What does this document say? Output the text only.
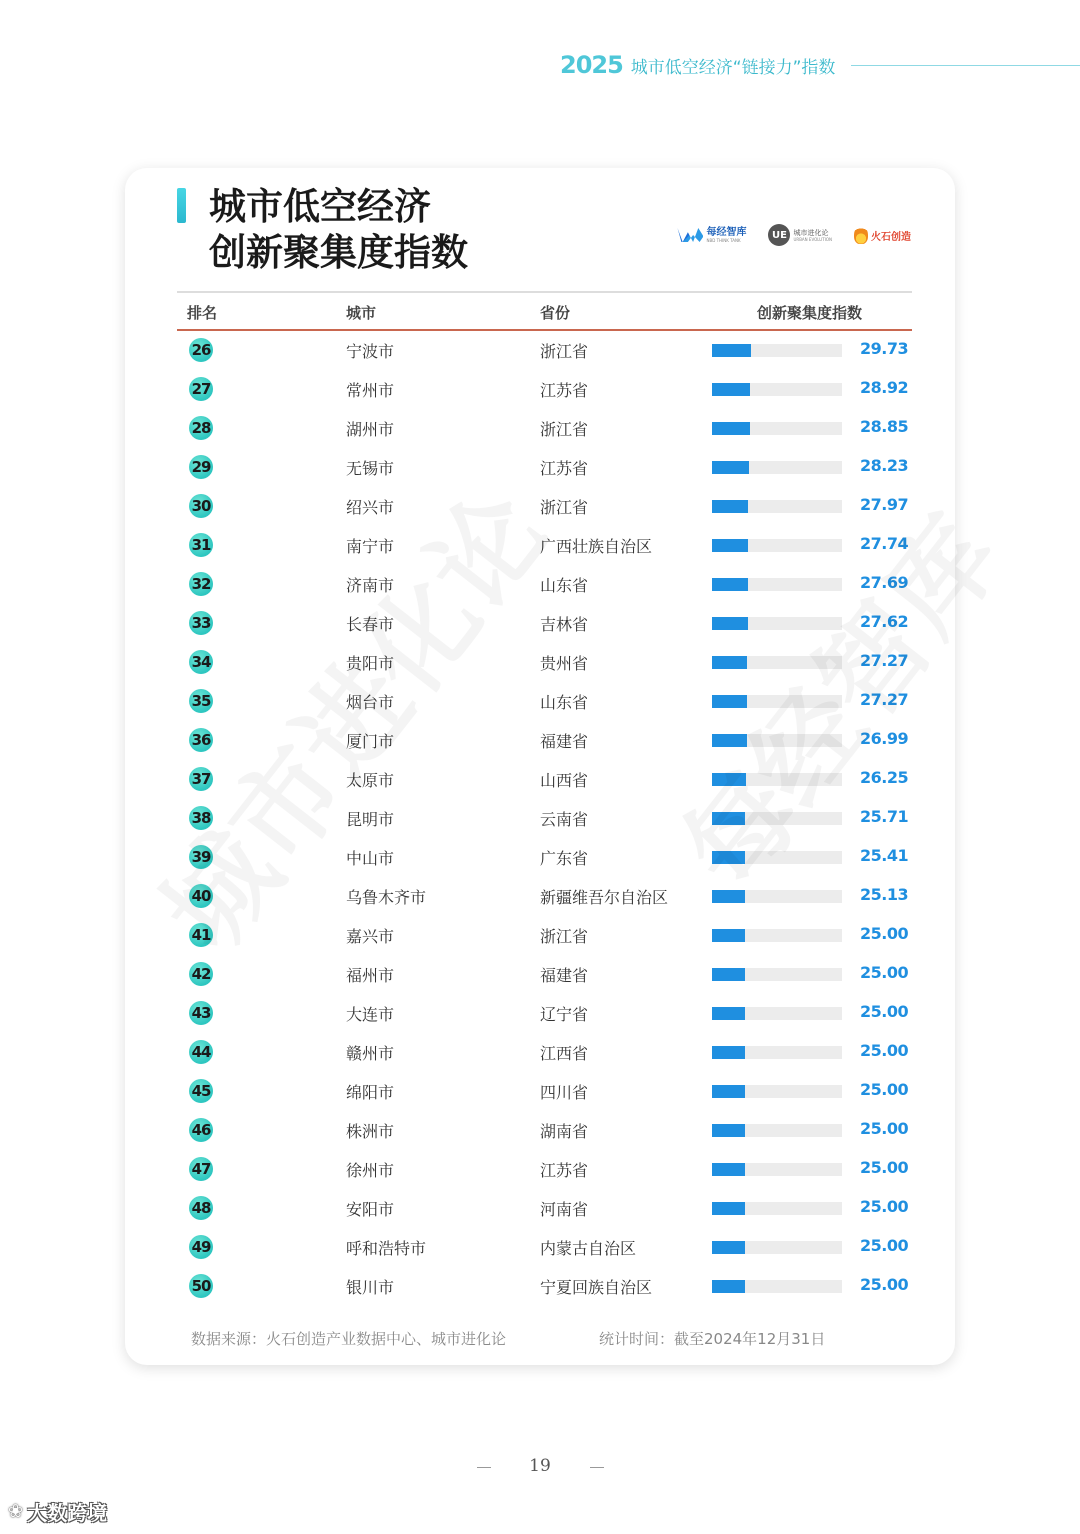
2025 城市低空经济“链接力”指数
城市低空经济
创新聚集度指数	每经智库
NBD THINK TANK	UE 城市进化论
URBAN EVOLUTION	火石创造
排名	城市	省份	创新聚集度指数
26	宁波市	浙江省	29.73
27	常州市	江苏省	28.92
28	湖州市	浙江省	28.85
29	无锡市	江苏省	28.23
30	绍兴市	浙江省	27.97
31	南宁市	广西壮族自治区	27.74
32	济南市	山东省	27.69
33	长春市	吉林省	27.62
34	贵阳市	贵州省	27.27
35	烟台市	山东省	27.27
36	厦门市	福建省	26.99
37	太原市	山西省	26.25
38	昆明市	云南省	25.71
39	中山市	广东省	25.41
40	乌鲁木齐市	新疆维吾尔自治区	25.13
41	嘉兴市	浙江省	25.00
42	福州市	福建省	25.00
43	大连市	辽宁省	25.00
44	赣州市	江西省	25.00
45	绵阳市	四川省	25.00
46	株洲市	湖南省	25.00
47	徐州市	江苏省	25.00
48	安阳市	河南省	25.00
49	呼和浩特市	内蒙古自治区	25.00
50	银川市	宁夏回族自治区	25.00
数据来源：火石创造产业数据中心、城市进化论	统计时间：截至2024年12月31日
19
❀ 大数跨境
